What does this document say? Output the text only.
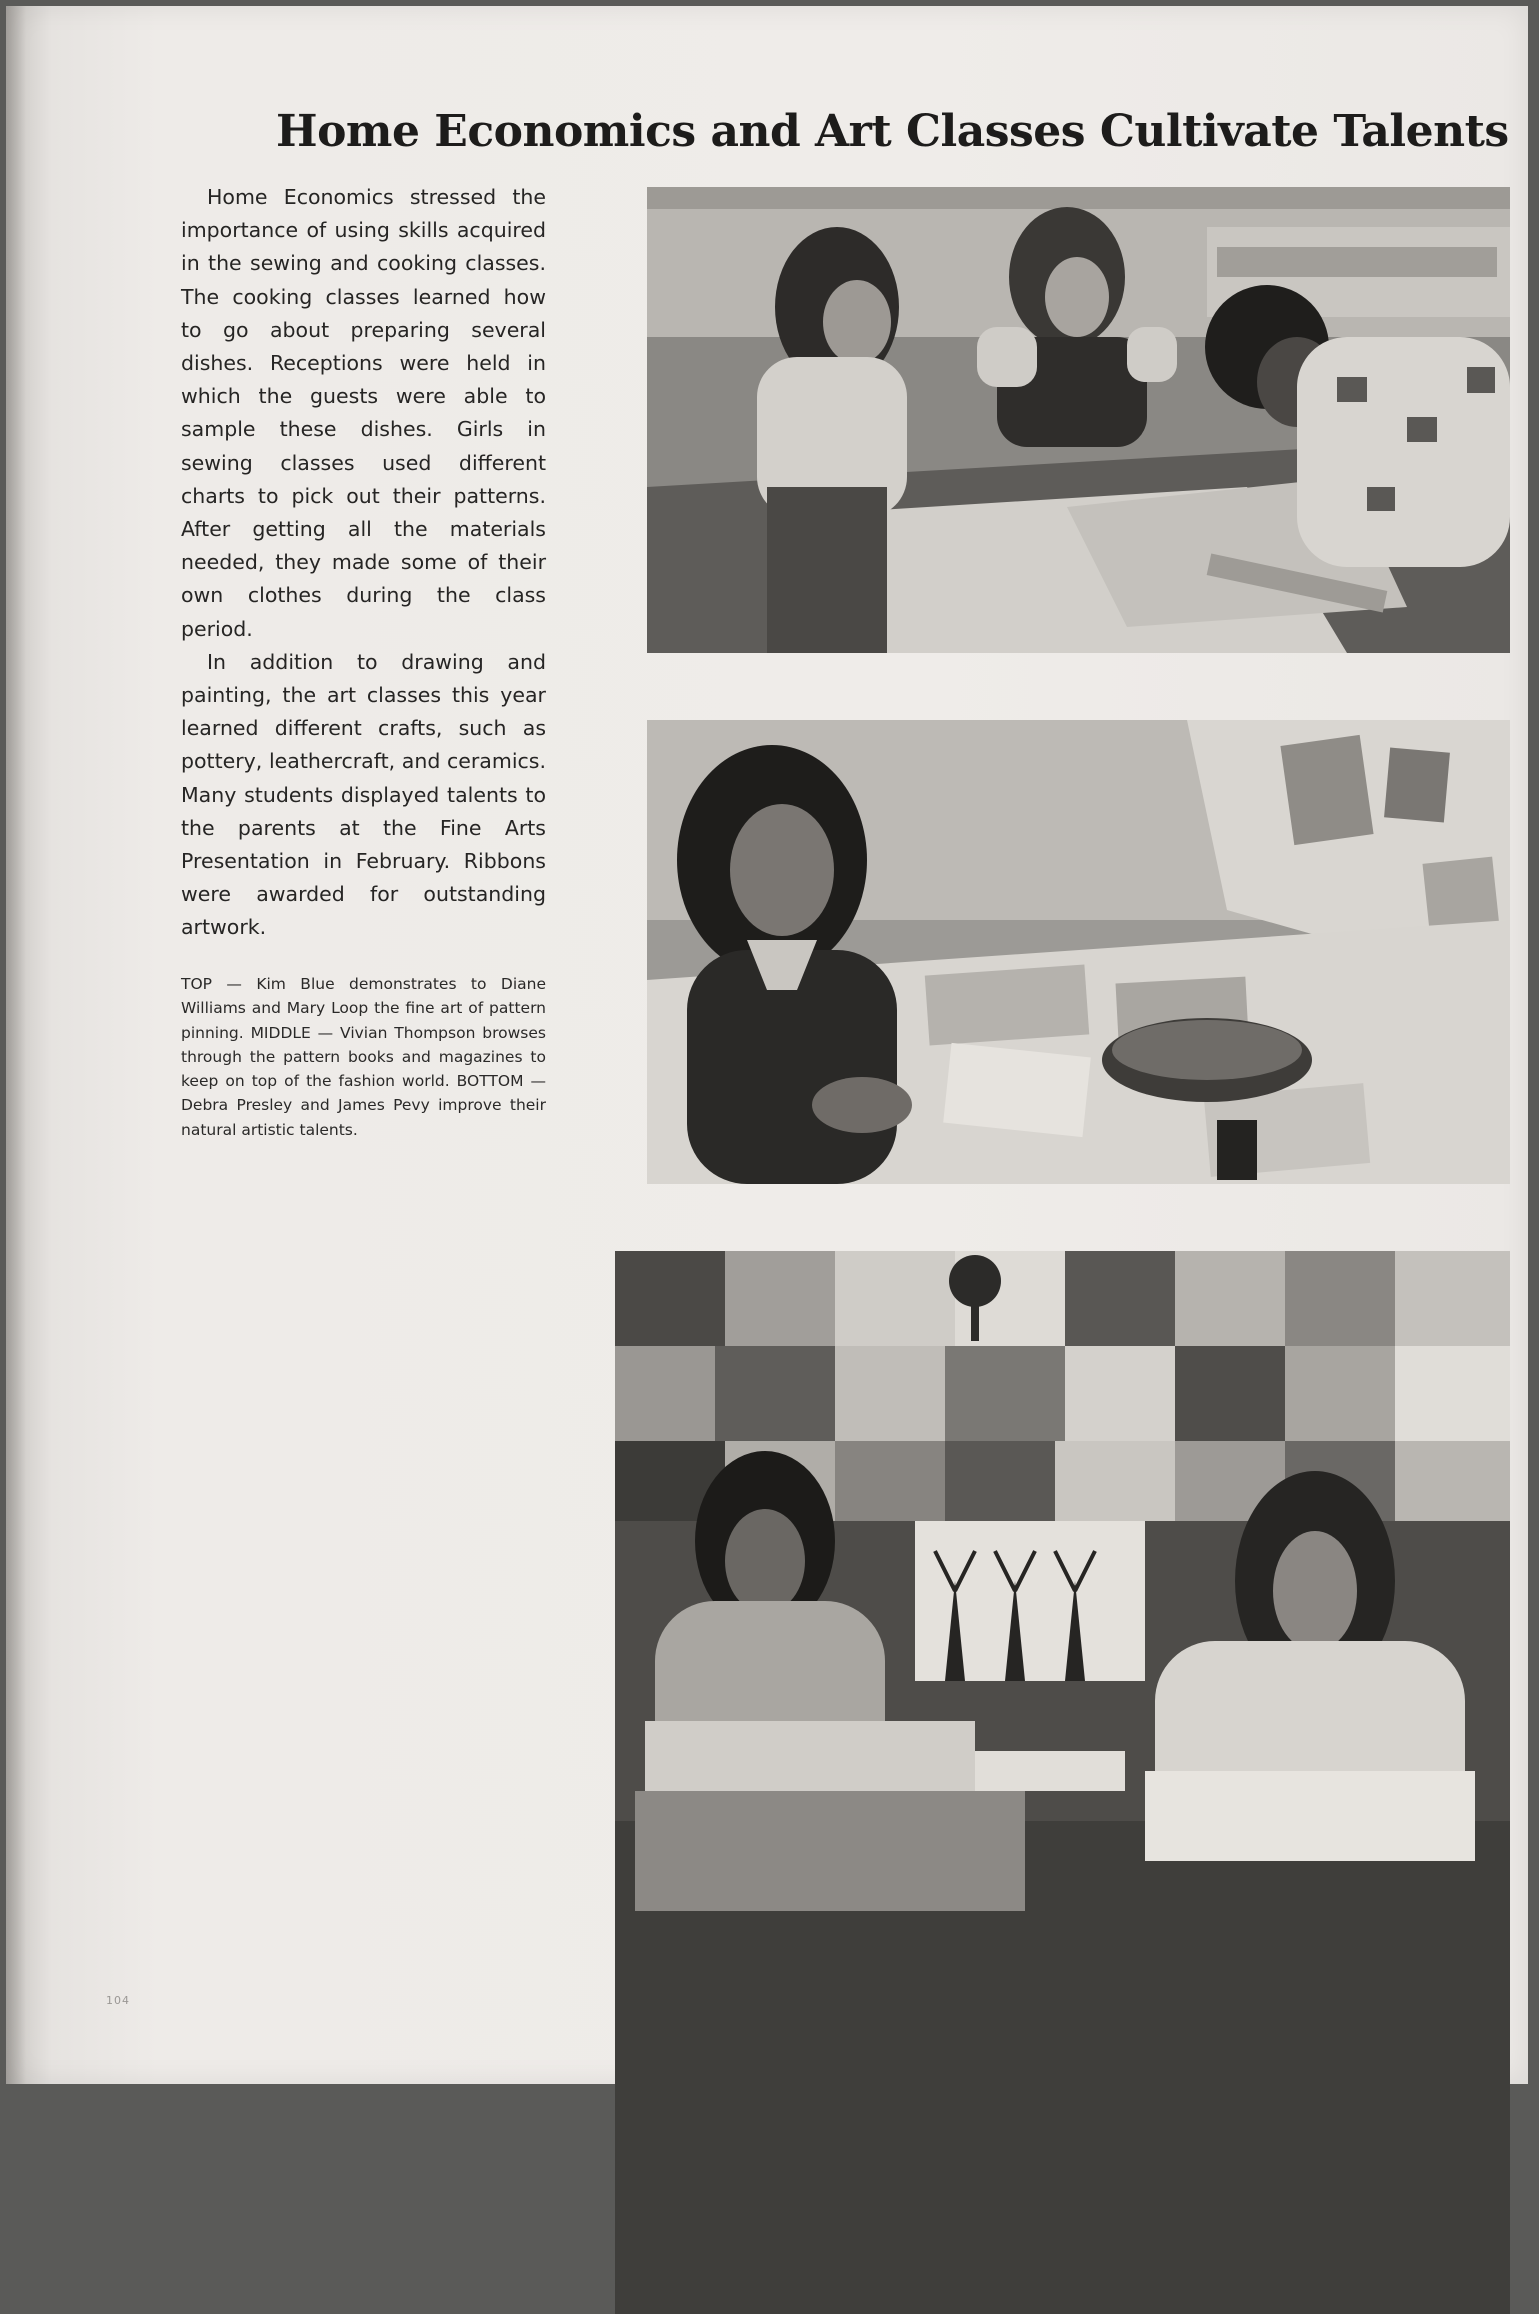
Home Economics and Art Classes Cultivate Talents

Home Economics stressed the importance of using skills acquired in the sewing and cooking classes. The cooking classes learned how to go about preparing several dishes. Receptions were held in which the guests were able to sample these dishes. Girls in sewing classes used different charts to pick out their patterns. After getting all the materials needed, they made some of their own clothes during the class period.

In addition to drawing and painting, the art classes this year learned different crafts, such as pottery, leathercraft, and ceramics. Many students displayed talents to the parents at the Fine Arts Presentation in February. Ribbons were awarded for outstanding artwork.

TOP — Kim Blue demonstrates to Diane Williams and Mary Loop the fine art of pattern pinning. MIDDLE — Vivian Thompson browses through the pattern books and magazines to keep on top of the fashion world. BOTTOM — Debra Presley and James Pevy improve their natural artistic talents.

104
